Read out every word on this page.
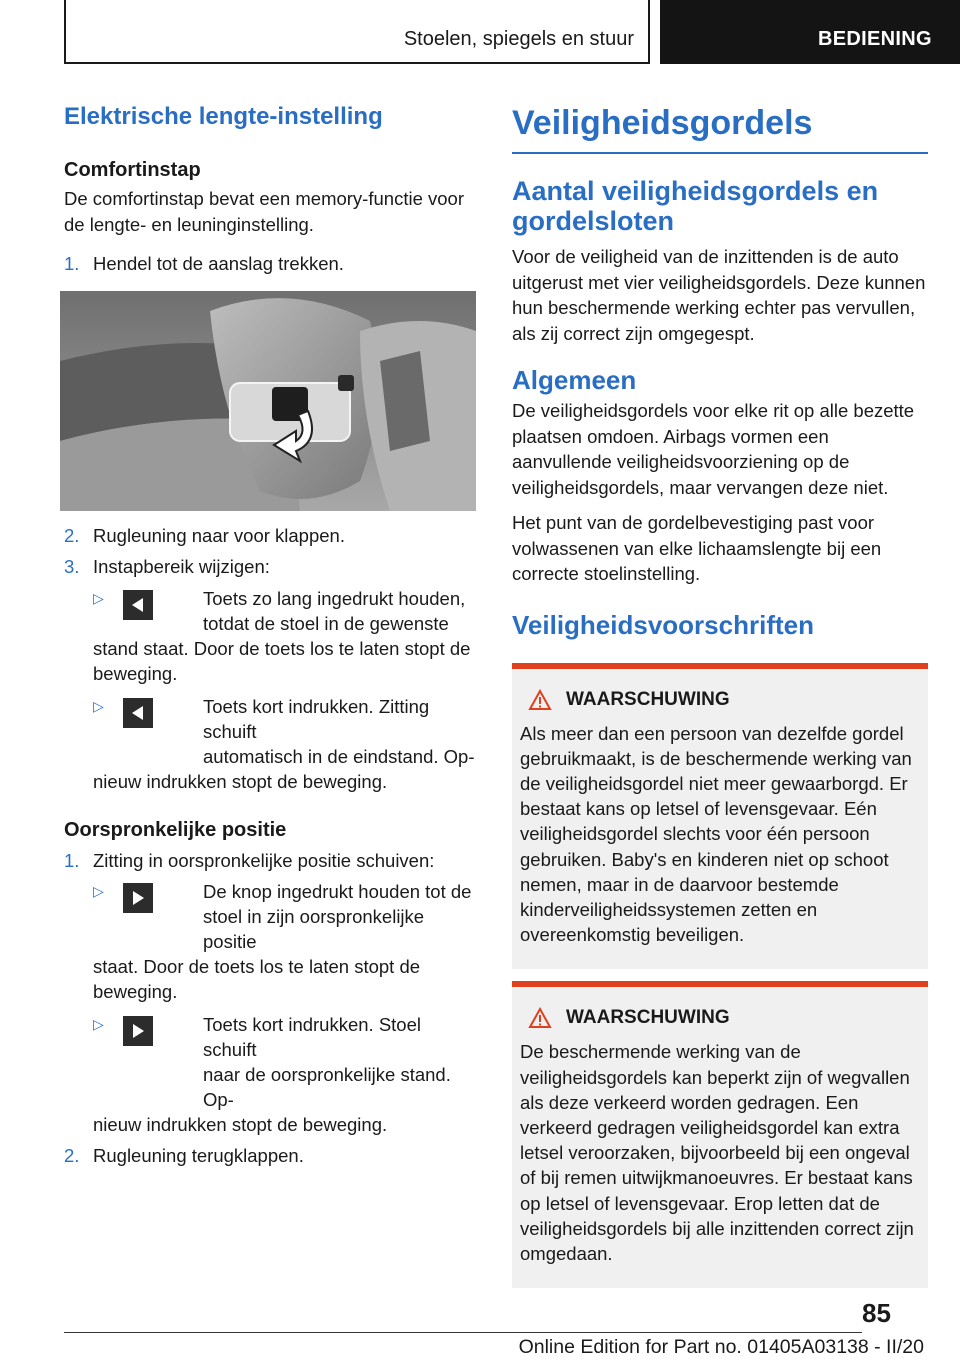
Stoelen, spiegels en stuur	BEDIENING
Elektrische lengte-instelling
Comfortinstap

De comfortinstap bevat een memory-functie voor de lengte- en leuninginstelling.

1. Hendel tot de aanslag trekken.
2. Rugleuning naar voor klappen.
3. Instapbereik wijzigen:
▷	Toets zo lang ingedrukt houden,
totdat de stoel in de gewenste
stand staat. Door de toets los te laten stopt de beweging.
▷	Toets kort indrukken. Zitting schuift
automatisch in de eindstand. Op-
nieuw indrukken stopt de beweging.
Oorspronkelijke positie
1. Zitting in oorspronkelijke positie schuiven:
▷	De knop ingedrukt houden tot de
stoel in zijn oorspronkelijke positie
staat. Door de toets los te laten stopt de beweging.
▷	Toets kort indrukken. Stoel schuift
naar de oorspronkelijke stand. Op-
nieuw indrukken stopt de beweging.
2. Rugleuning terugklappen.
Veiligheidsgordels
Aantal veiligheidsgordels en gordelsloten

Voor de veiligheid van de inzittenden is de auto uitgerust met vier veiligheidsgordels. Deze kunnen hun beschermende werking echter pas vervullen, als zij correct zijn omgegespt.

Algemeen

De veiligheidsgordels voor elke rit op alle bezette plaatsen omdoen. Airbags vormen een aanvullende veiligheidsvoorziening op de veiligheidsgordels, maar vervangen deze niet.

Het punt van de gordelbevestiging past voor volwassenen van elke lichaamslengte bij een correcte stoelinstelling.

Veiligheidsvoorschriften
WAARSCHUWING

Als meer dan een persoon van dezelfde gordel gebruikmaakt, is de beschermende werking van de veiligheidsgordel niet meer gewaarborgd. Er bestaat kans op letsel of levensgevaar. Eén veiligheidsgordel slechts voor één persoon gebruiken. Baby's en kinderen niet op schoot nemen, maar in de daarvoor bestemde kinderveiligheidssystemen zetten en overeenkomstig beveiligen.

WAARSCHUWING

De beschermende werking van de veiligheidsgordels kan beperkt zijn of wegvallen als deze verkeerd worden gedragen. Een verkeerd gedragen veiligheidsgordel kan extra letsel veroorzaken, bijvoorbeeld bij een ongeval of bij remen uitwijkmanoeuvres. Er bestaat kans op letsel of levensgevaar. Erop letten dat de veiligheidsgordels bij alle inzittenden correct zijn omgedaan.

85
Online Edition for Part no. 01405A03138 - II/20
